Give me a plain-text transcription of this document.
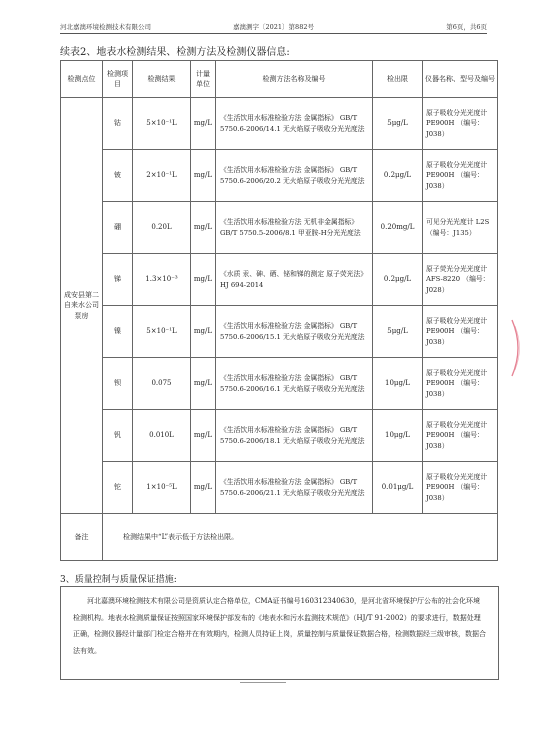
河北嘉澳环境检测技术有限公司	嘉澳测字〔2021〕第882号	第6页，共6页
续表2、地表水检测结果、检测方法及检测仪器信息:
检测点位	检测项目	检测结果	计量单位	检测方法名称及编号	检出限	仪器名称、型号及编号
成安县第二自来水公司泵房	钴	5×10⁻¹L	mg/L	《生活饮用水标准检验方法 金属指标》 GB/T 5750.6-2006/14.1 无火焰原子吸收分光光度法	5μg/L	原子吸收分光光度计 PE900H （编号：J038）
	铍	2×10⁻¹L	mg/L	《生活饮用水标准检验方法 金属指标》 GB/T 5750.6-2006/20.2 无火焰原子吸收分光光度法	0.2μg/L	原子吸收分光光度计 PE900H （编号：J038）
	硼	0.20L	mg/L	《生活饮用水标准检验方法 无机非金属指标》 GB/T 5750.5-2006/8.1 甲亚胺-H分光光度法	0.20mg/L	可见分光光度计 L2S （编号：J135）
	锑	1.3×10⁻³	mg/L	《水质 汞、砷、硒、铋和锑的测定 原子荧光法》HJ 694-2014	0.2μg/L	原子荧光分光光度计 AFS-8220 （编号：J028）
	镍	5×10⁻¹L	mg/L	《生活饮用水标准检验方法 金属指标》 GB/T 5750.6-2006/15.1 无火焰原子吸收分光光度法	5μg/L	原子吸收分光光度计 PE900H （编号：J038）
	钡	0.075	mg/L	《生活饮用水标准检验方法 金属指标》 GB/T 5750.6-2006/16.1 无火焰原子吸收分光光度法	10μg/L	原子吸收分光光度计 PE900H （编号：J038）
	钒	0.010L	mg/L	《生活饮用水标准检验方法 金属指标》 GB/T 5750.6-2006/18.1 无火焰原子吸收分光光度法	10μg/L	原子吸收分光光度计 PE900H （编号：J038）
	铊	1×10⁻⁵L	mg/L	《生活饮用水标准检验方法 金属指标》 GB/T 5750.6-2006/21.1 无火焰原子吸收分光光度法	0.01μg/L	原子吸收分光光度计 PE900H （编号：J038）
备注	检测结果中“L”表示低于方法检出限。					
3、质量控制与质量保证措施:
河北嘉澳环境检测技术有限公司是资质认定合格单位，CMA证书编号160312340630，是河北省环境保护厅公布的社会化环境检测机构。地表水检测质量保证按照国家环境保护部发布的《地表水和污水监测技术规范》（HJ/T 91-2002）的要求进行，数据处理正确，检测仪器经计量部门检定合格并在有效期内，检测人员持证上岗，质量控制与质量保证数据合格，检测数据经三级审核，数据合法有效。
